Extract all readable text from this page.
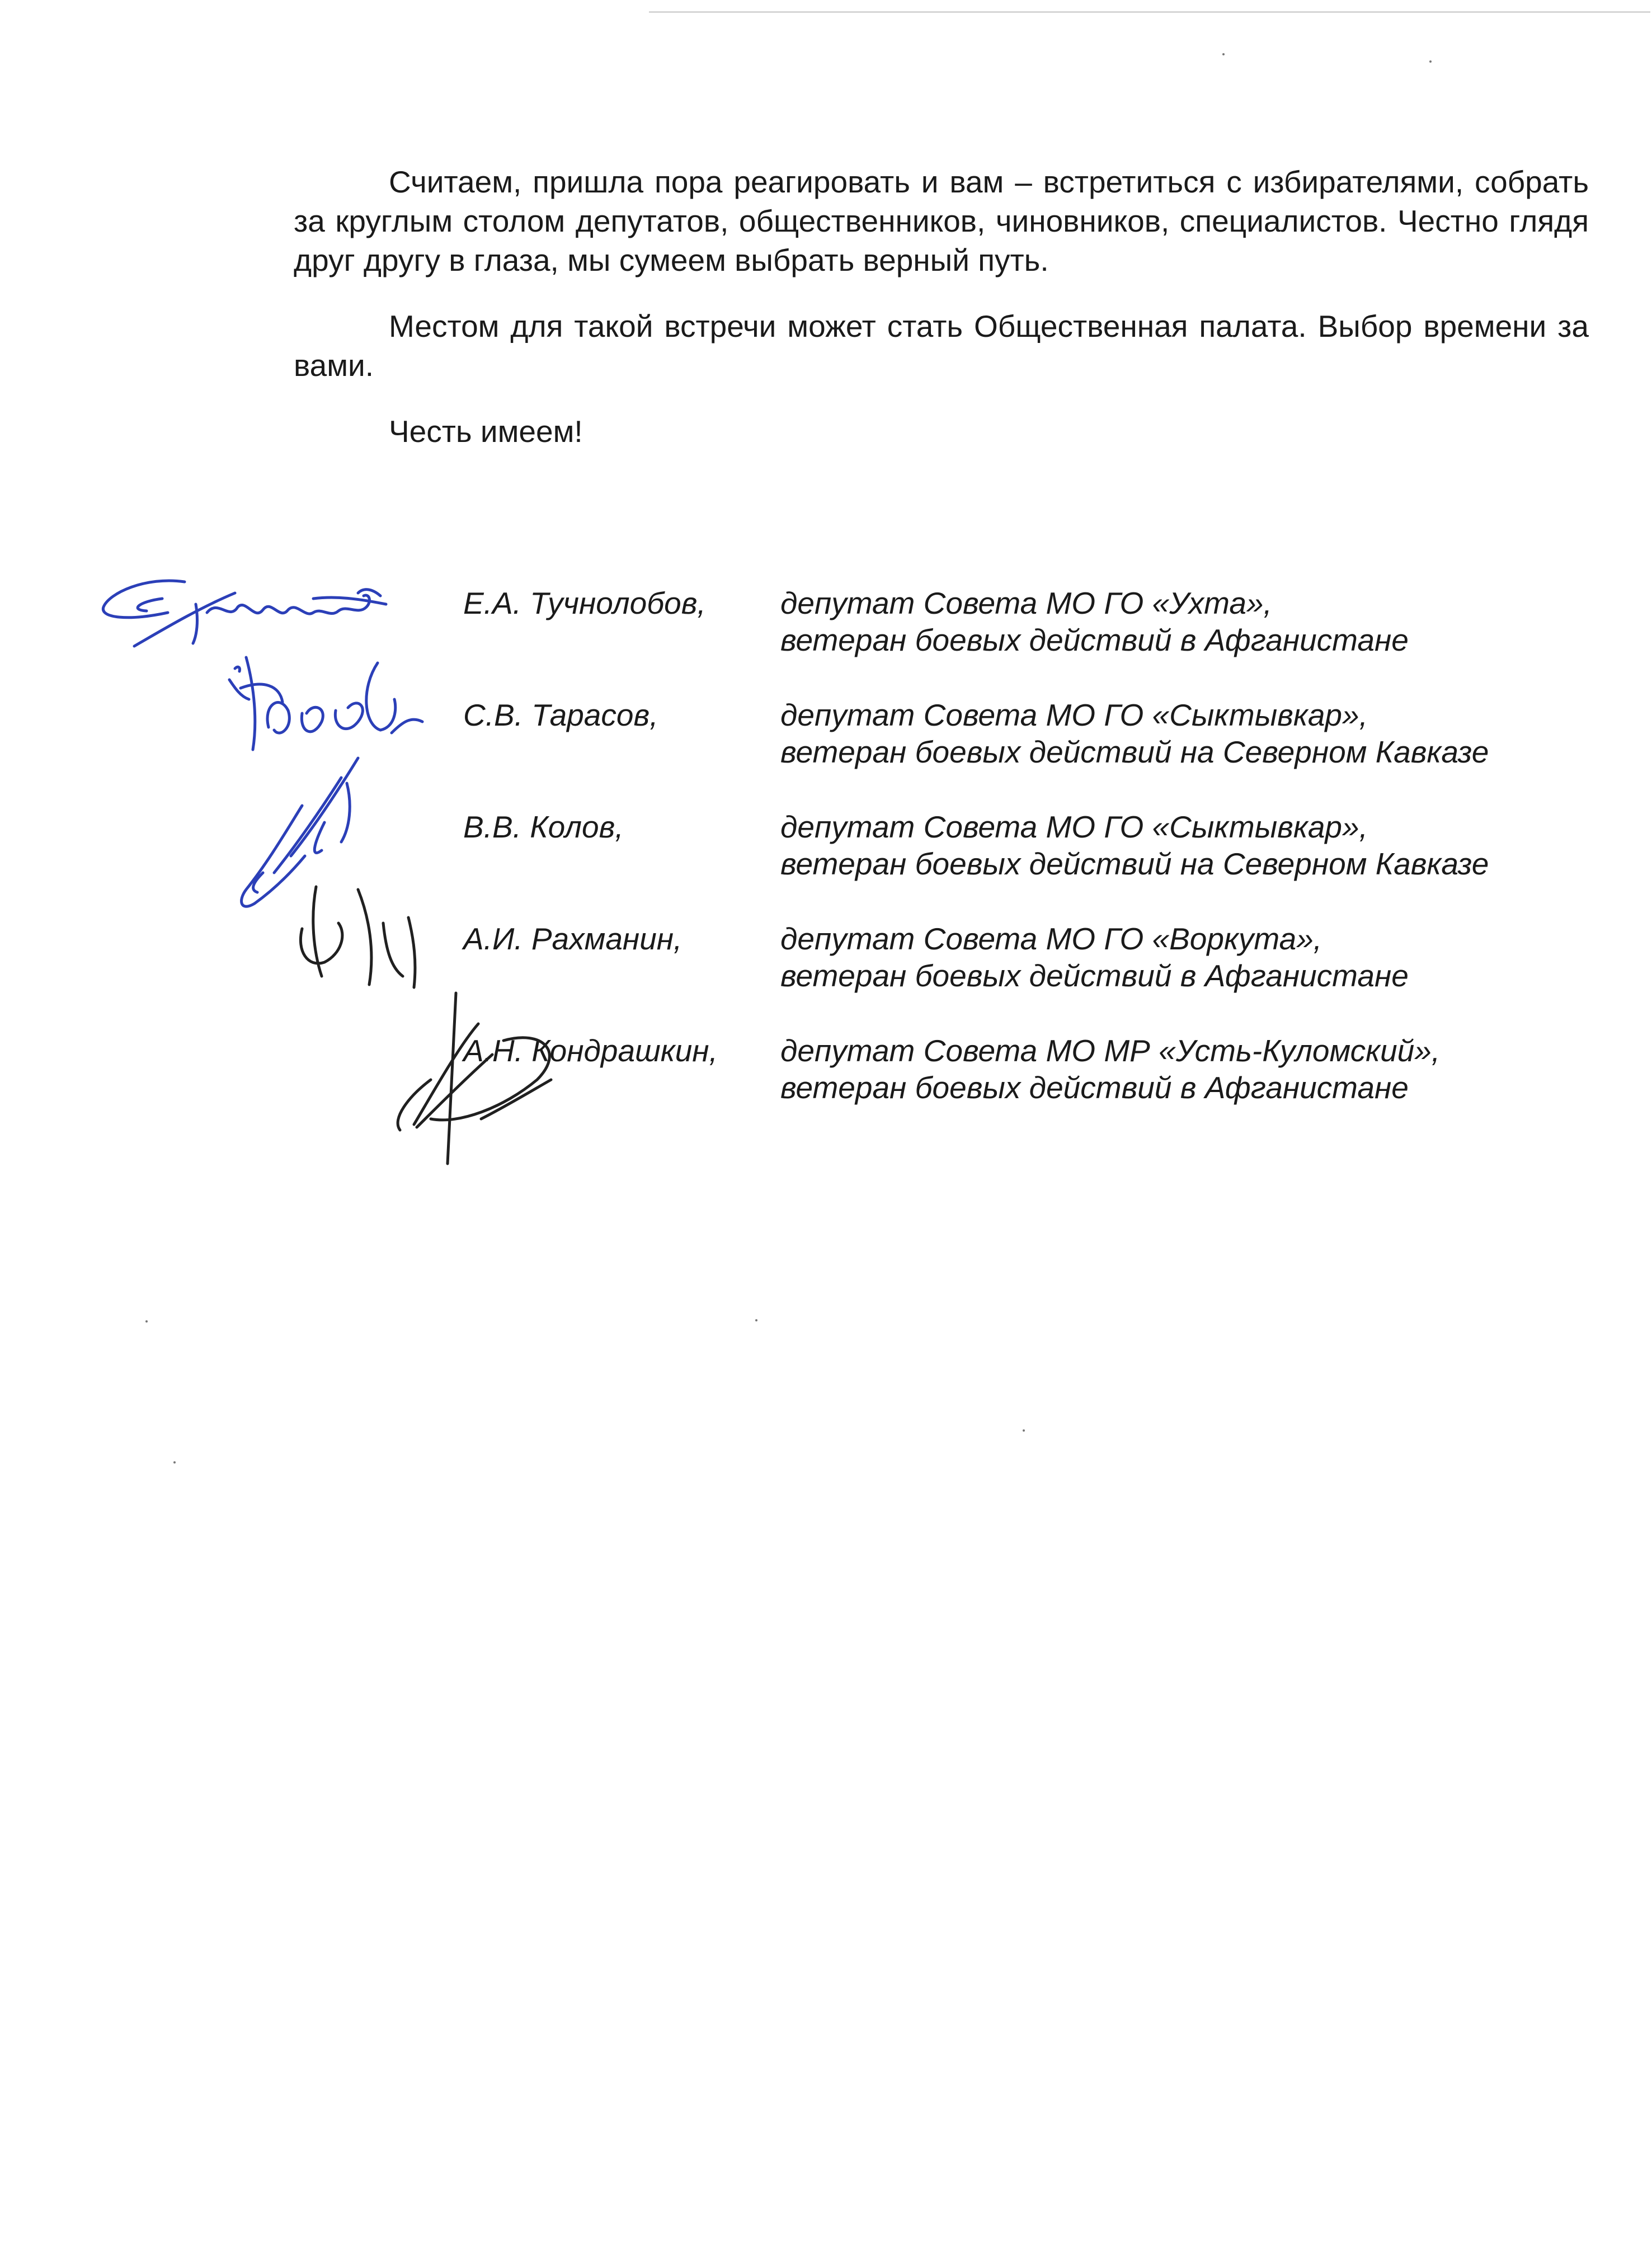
Считаем, пришла пора реагировать и вам – встретиться с избирателями, собрать за круглым столом депутатов, общественников, чиновников, специалистов. Честно глядя друг другу в глаза, мы сумеем выбрать верный путь.

Местом для такой встречи может стать Общественная палата. Выбор времени за вами.

Честь имеем!

Е.А. Тучнолобов,	депутат Совета МО ГО «Ухта»,
ветеран боевых действий в Афганистане
С.В. Тарасов,	депутат Совета МО ГО «Сыктывкар»,
ветеран боевых действий на Северном Кавказе
В.В. Колов,	депутат Совета МО ГО «Сыктывкар»,
ветеран боевых действий на Северном Кавказе
А.И. Рахманин,	депутат Совета МО ГО «Воркута»,
ветеран боевых действий в Афганистане
А.Н. Кондрашкин,	депутат Совета МО МР «Усть-Куломский»,
ветеран боевых действий в Афганистане
